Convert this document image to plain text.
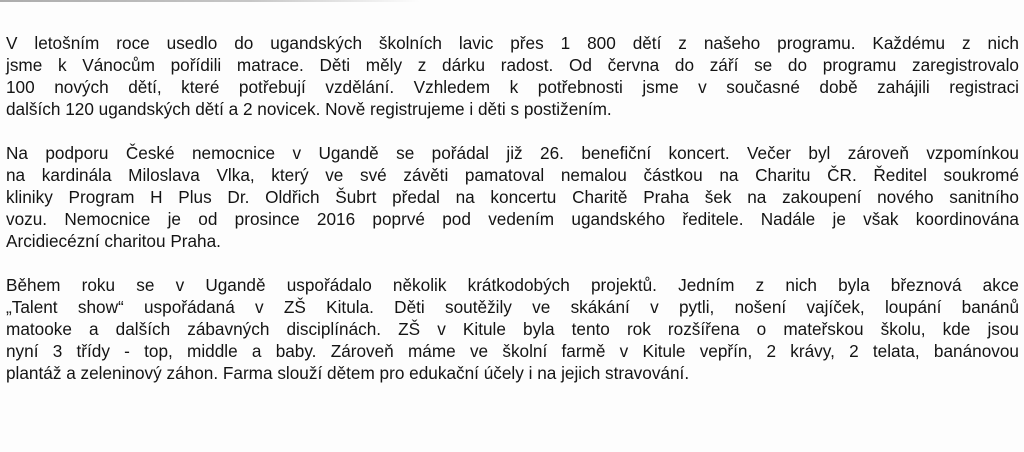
V letošním roce usedlo do ugandských školních lavic přes 1 800 dětí z našeho programu. Každému z nich
jsme k Vánocům pořídili matrace. Děti měly z dárku radost. Od června do září se do programu zaregistrovalo
100 nových dětí, které potřebují vzdělání. Vzhledem k potřebnosti jsme v současné době zahájili registraci
dalších 120 ugandských dětí a 2 novicek. Nově registrujeme i děti s postižením.

Na podporu České nemocnice v Ugandě se pořádal již 26. benefiční koncert. Večer byl zároveň vzpomínkou
na kardinála Miloslava Vlka, který ve své závěti pamatoval nemalou částkou na Charitu ČR. Ředitel soukromé
kliniky Program H Plus Dr. Oldřich Šubrt předal na koncertu Charitě Praha šek na zakoupení nového sanitního
vozu. Nemocnice je od prosince 2016 poprvé pod vedením ugandského ředitele. Nadále je však koordinována
Arcidiecézní charitou Praha.

Během roku se v Ugandě uspořádalo několik krátkodobých projektů. Jedním z nich byla březnová akce
„Talent show“ uspořádaná v ZŠ Kitula. Děti soutěžily ve skákání v pytli, nošení vajíček, loupání banánů
matooke a dalších zábavných disciplínách. ZŠ v Kitule byla tento rok rozšířena o mateřskou školu, kde jsou
nyní 3 třídy - top, middle a baby. Zároveň máme ve školní farmě v Kitule vepřín, 2 krávy, 2 telata, banánovou
plantáž a zeleninový záhon. Farma slouží dětem pro edukační účely i na jejich stravování.
